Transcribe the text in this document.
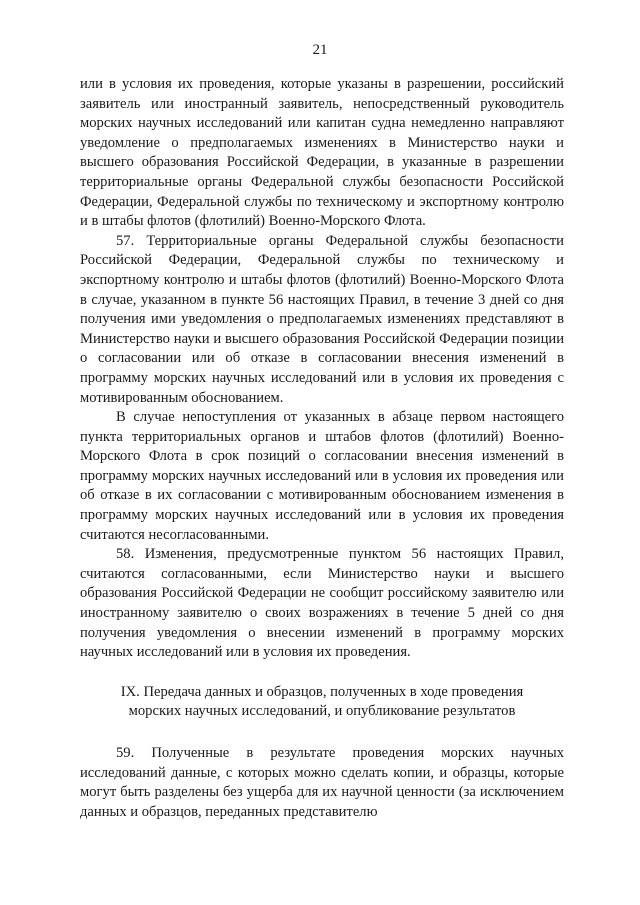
21

или в условия их проведения, которые указаны в разрешении, российский заявитель или иностранный заявитель, непосредственный руководитель морских научных исследований или капитан судна немедленно направляют уведомление о предполагаемых изменениях в Министерство науки и высшего образования Российской Федерации, в указанные в разрешении территориальные органы Федеральной службы безопасности Российской Федерации, Федеральной службы по техническому и экспортному контролю и в штабы флотов (флотилий) Военно-Морского Флота.

57. Территориальные органы Федеральной службы безопасности Российской Федерации, Федеральной службы по техническому и экспортному контролю и штабы флотов (флотилий) Военно-Морского Флота в случае, указанном в пункте 56 настоящих Правил, в течение 3 дней со дня получения ими уведомления о предполагаемых изменениях представляют в Министерство науки и высшего образования Российской Федерации позиции о согласовании или об отказе в согласовании внесения изменений в программу морских научных исследований или в условия их проведения с мотивированным обоснованием.

В случае непоступления от указанных в абзаце первом настоящего пункта территориальных органов и штабов флотов (флотилий) Военно-Морского Флота в срок позиций о согласовании внесения изменений в программу морских научных исследований или в условия их проведения или об отказе в их согласовании с мотивированным обоснованием изменения в программу морских научных исследований или в условия их проведения считаются несогласованными.

58. Изменения, предусмотренные пунктом 56 настоящих Правил, считаются согласованными, если Министерство науки и высшего образования Российской Федерации не сообщит российскому заявителю или иностранному заявителю о своих возражениях в течение 5 дней со дня получения уведомления о внесении изменений в программу морских научных исследований или в условия их проведения.

IX. Передача данных и образцов, полученных в ходе проведения
морских научных исследований, и опубликование результатов

59. Полученные в результате проведения морских научных исследований данные, с которых можно сделать копии, и образцы, которые могут быть разделены без ущерба для их научной ценности (за исключением данных и образцов, переданных представителю
